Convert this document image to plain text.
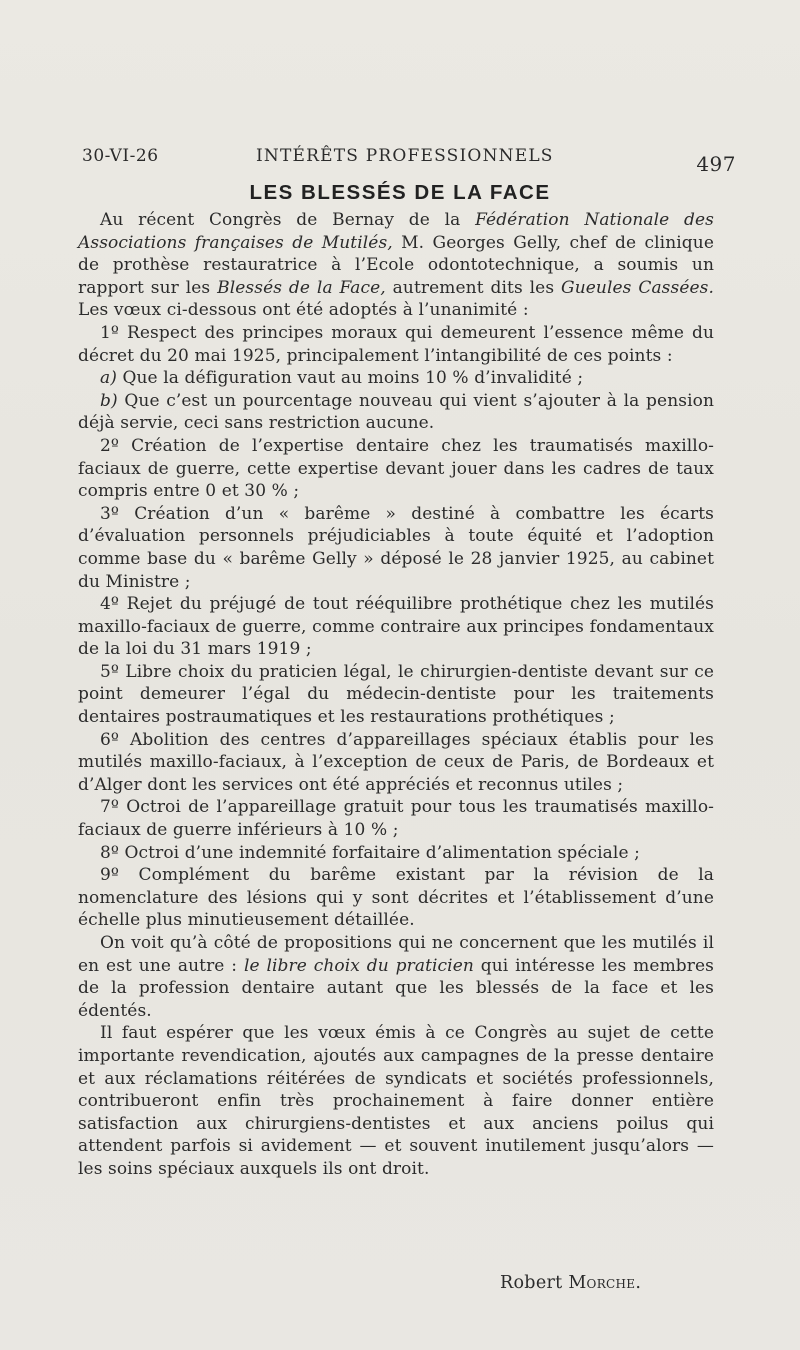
30-VI-26	INTÉRÊTS PROFESSIONNELS	497
LES BLESSÉS DE LA FACE

Au récent Congrès de Bernay de la Fédération Nationale des Associations françaises de Mutilés, M. Georges Gelly, chef de clinique de prothèse restauratrice à l’Ecole odontotechnique, a soumis un rapport sur les Blessés de la Face, autrement dits les Gueules Cassées. Les vœux ci-dessous ont été adoptés à l’unanimité :

1º Respect des principes moraux qui demeurent l’essence même du décret du 20 mai 1925, principalement l’intangibilité de ces points :

a) Que la défiguration vaut au moins 10 % d’invalidité ;

b) Que c’est un pourcentage nouveau qui vient s’ajouter à la pension déjà servie, ceci sans restriction aucune.

2º Création de l’expertise dentaire chez les traumatisés maxillo-faciaux de guerre, cette expertise devant jouer dans les cadres de taux compris entre 0 et 30 % ;

3º Création d’un « barême » destiné à combattre les écarts d’évaluation personnels préjudiciables à toute équité et l’adoption comme base du « barême Gelly » déposé le 28 janvier 1925, au cabinet du Ministre ;

4º Rejet du préjugé de tout rééquilibre prothétique chez les mutilés maxillo-faciaux de guerre, comme contraire aux principes fondamentaux de la loi du 31 mars 1919 ;

5º Libre choix du praticien légal, le chirurgien-dentiste devant sur ce point demeurer l’égal du médecin-dentiste pour les traitements dentaires postraumatiques et les restaurations prothétiques ;

6º Abolition des centres d’appareillages spéciaux établis pour les mutilés maxillo-faciaux, à l’exception de ceux de Paris, de Bordeaux et d’Alger dont les services ont été appréciés et reconnus utiles ;

7º Octroi de l’appareillage gratuit pour tous les traumatisés maxillo-faciaux de guerre inférieurs à 10 % ;

8º Octroi d’une indemnité forfaitaire d’alimentation spéciale ;

9º Complément du barême existant par la révision de la nomenclature des lésions qui y sont décrites et l’établissement d’une échelle plus minutieusement détaillée.

On voit qu’à côté de propositions qui ne concernent que les mutilés il en est une autre : le libre choix du praticien qui intéresse les membres de la profession dentaire autant que les blessés de la face et les édentés.

Il faut espérer que les vœux émis à ce Congrès au sujet de cette importante revendication, ajoutés aux campagnes de la presse dentaire et aux réclamations réitérées de syndicats et sociétés professionnels, contribueront enfin très prochainement à faire donner entière satisfaction aux chirurgiens-dentistes et aux anciens poilus qui attendent parfois si avidement — et souvent inutilement jusqu’alors — les soins spéciaux auxquels ils ont droit.

Robert Morche.
